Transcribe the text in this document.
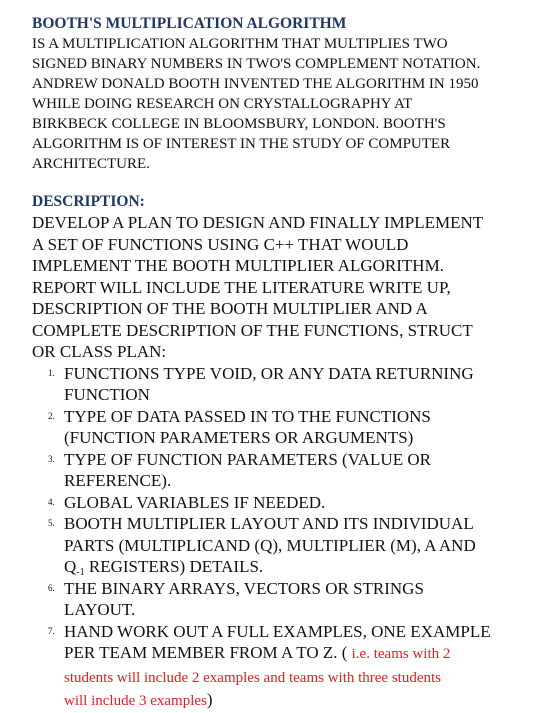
BOOTH'S MULTIPLICATION ALGORITHM

IS A MULTIPLICATION ALGORITHM THAT MULTIPLIES TWO
SIGNED BINARY NUMBERS IN TWO'S COMPLEMENT NOTATION.
ANDREW DONALD BOOTH INVENTED THE ALGORITHM IN 1950
WHILE DOING RESEARCH ON CRYSTALLOGRAPHY AT
BIRKBECK COLLEGE IN BLOOMSBURY, LONDON. BOOTH'S
ALGORITHM IS OF INTEREST IN THE STUDY OF COMPUTER
ARCHITECTURE.

DESCRIPTION:

DEVELOP A PLAN TO DESIGN AND FINALLY IMPLEMENT
A SET OF FUNCTIONS USING C++ THAT WOULD
IMPLEMENT THE BOOTH MULTIPLIER ALGORITHM.
REPORT WILL INCLUDE THE LITERATURE WRITE UP,
DESCRIPTION OF THE BOOTH MULTIPLIER AND A
COMPLETE DESCRIPTION OF THE FUNCTIONS, STRUCT
OR CLASS PLAN:

1. FUNCTIONS TYPE VOID, OR ANY DATA RETURNING
FUNCTION
2. TYPE OF DATA PASSED IN TO THE FUNCTIONS
(FUNCTION PARAMETERS OR ARGUMENTS)
3. TYPE OF FUNCTION PARAMETERS (VALUE OR
REFERENCE).
4. GLOBAL VARIABLES IF NEEDED.
5. BOOTH MULTIPLIER LAYOUT AND ITS INDIVIDUAL
PARTS (MULTIPLICAND (Q), MULTIPLIER (M), A AND
$Q_{-1}$ REGISTERS) DETAILS.
6. THE BINARY ARRAYS, VECTORS OR STRINGS
LAYOUT.
7. HAND WORK OUT A FULL EXAMPLES, ONE EXAMPLE
PER TEAM MEMBER FROM A TO Z. ( i.e. teams with 2
students will include 2 examples and teams with three students
will include 3 examples)
